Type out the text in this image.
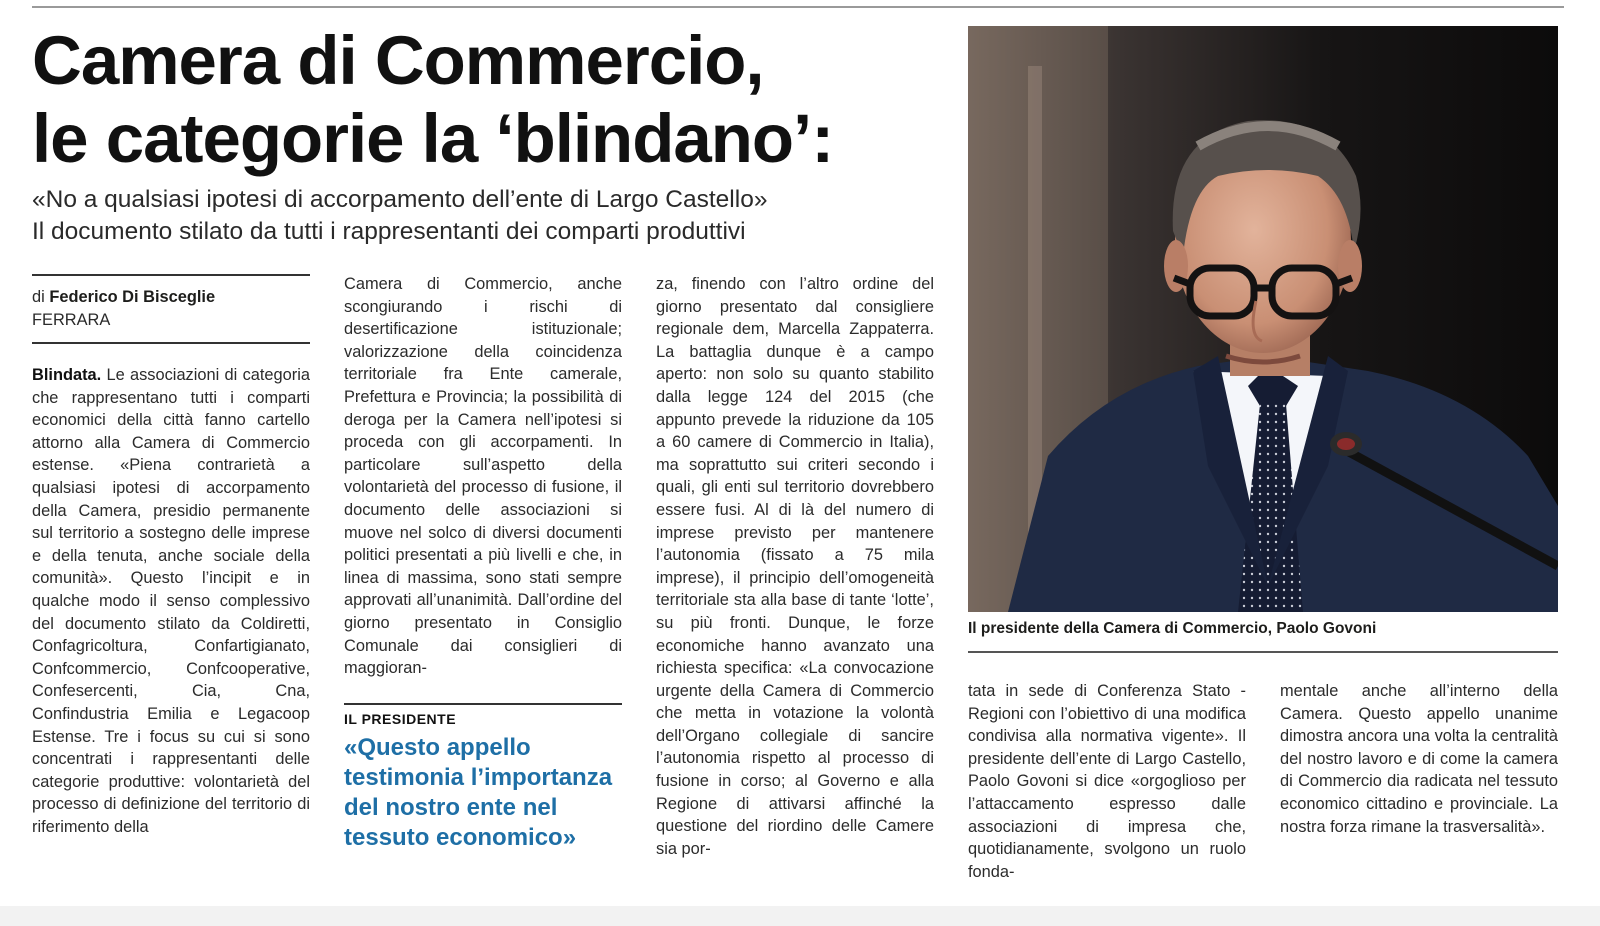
Camera di Commercio,
le categorie la ‘blindano’:
«No a qualsiasi ipotesi di accorpamento dell’ente di Largo Castello»
Il documento stilato da tutti i rappresentanti dei comparti produttivi
di Federico Di Bisceglie
FERRARA

Blindata. Le associazioni di categoria che rappresentano tutti i comparti economici della città fanno cartello attorno alla Camera di Commercio estense. «Piena contrarietà a qualsiasi ipotesi di accorpamento della Camera, presidio permanente sul territorio a sostegno delle imprese e della tenuta, anche sociale della comunità». Questo l’incipit e in qualche modo il senso complessivo del documento stilato da Coldiretti, Confagricoltura, Confartigianato, Confcommercio, Confcooperative, Confesercenti, Cia, Cna, Confindustria Emilia e Legacoop Estense. Tre i focus su cui si sono concentrati i rappresentanti delle categorie produttive: volontarietà del processo di definizione del territorio di riferimento della

Camera di Commercio, anche scongiurando i rischi di desertificazione istituzionale; valorizzazione della coincidenza territoriale fra Ente camerale, Prefettura e Provincia; la possibilità di deroga per la Camera nell’ipotesi si proceda con gli accorpamenti. In particolare sull’aspetto della volontarietà del processo di fusione, il documento delle associazioni si muove nel solco di diversi documenti politici presentati a più livelli e che, in linea di massima, sono stati sempre approvati all’unanimità. Dall’ordine del giorno presentato in Consiglio Comunale dai consiglieri di maggioran-

IL PRESIDENTE
«Questo appello testimonia l’importanza del nostro ente nel tessuto economico»

za, finendo con l’altro ordine del giorno presentato dal consigliere regionale dem, Marcella Zappaterra. La battaglia dunque è a campo aperto: non solo su quanto stabilito dalla legge 124 del 2015 (che appunto prevede la riduzione da 105 a 60 camere di Commercio in Italia), ma soprattutto sui criteri secondo i quali, gli enti sul territorio dovrebbero essere fusi. Al di là del numero di imprese previsto per mantenere l’autonomia (fissato a 75 mila imprese), il principio dell’omogeneità territoriale sta alla base di tante ‘lotte’, su più fronti. Dunque, le forze economiche hanno avanzato una richiesta specifica: «La convocazione urgente della Camera di Commercio che metta in votazione la volontà dell’Organo collegiale di sancire l’autonomia rispetto al processo di fusione in corso; al Governo e alla Regione di attivarsi affinché la questione del riordino delle Camere sia por-

Il presidente della Camera di Commercio, Paolo Govoni

tata in sede di Conferenza Stato - Regioni con l’obiettivo di una modifica condivisa alla normativa vigente». Il presidente dell’ente di Largo Castello, Paolo Govoni si dice «orgoglioso per l’attaccamento espresso dalle associazioni di impresa che, quotidianamente, svolgono un ruolo fonda-

mentale anche all’interno della Camera. Questo appello unanime dimostra ancora una volta la centralità del nostro lavoro e di come la camera di Commercio dia radicata nel tessuto economico cittadino e provinciale. La nostra forza rimane la trasversalità».
